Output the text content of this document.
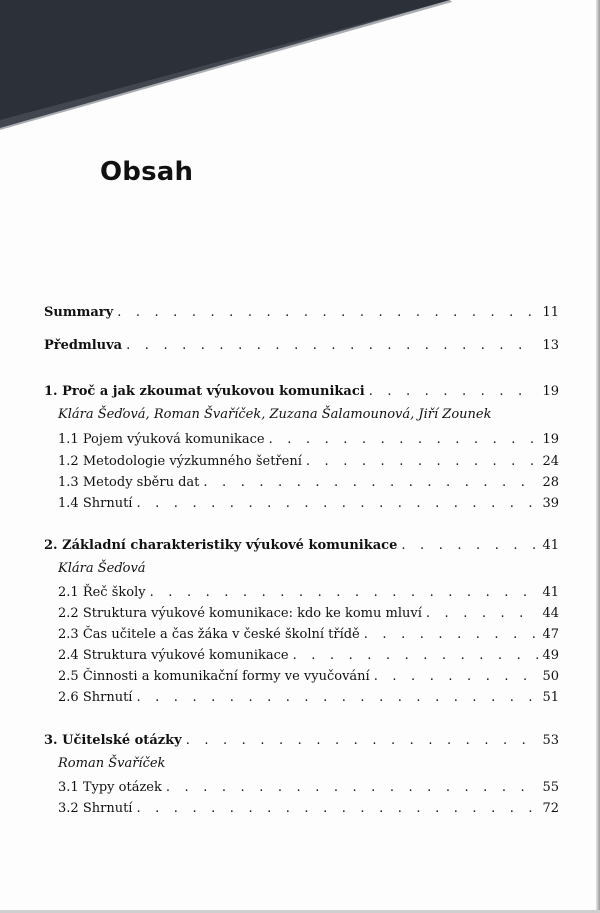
Obsah
Summary . . .	11
Předmluva . . .	13
1.
Proč a jak zkoumat výukovou komunikaci . . .	19
Klára Šeďová, Roman Švaříček, Zuzana Šalamounová, Jiří Zounek
1.1
Pojem výuková komunikace . . .	19
1.2
Metodologie výzkumného šetření . . .	24
1.3
Metody sběru dat . . .	28
1.4
Shrnutí . . .	39
2.
Základní charakteristiky výukové komunikace . . .	41
Klára Šeďová
2.1
Řeč školy . . .	41
2.2
Struktura výukové komunikace: kdo ke komu mluví . . .	44
2.3
Čas učitele a čas žáka v české školní třídě . . .	47
2.4
Struktura výukové komunikace . . .	49
2.5
Činnosti a komunikační formy ve vyučování . . .	50
2.6
Shrnutí . . .	51
3.
Učitelské otázky . . .	53
Roman Švaříček
3.1
Typy otázek . . .	55
3.2
Shrnutí . . .	72
